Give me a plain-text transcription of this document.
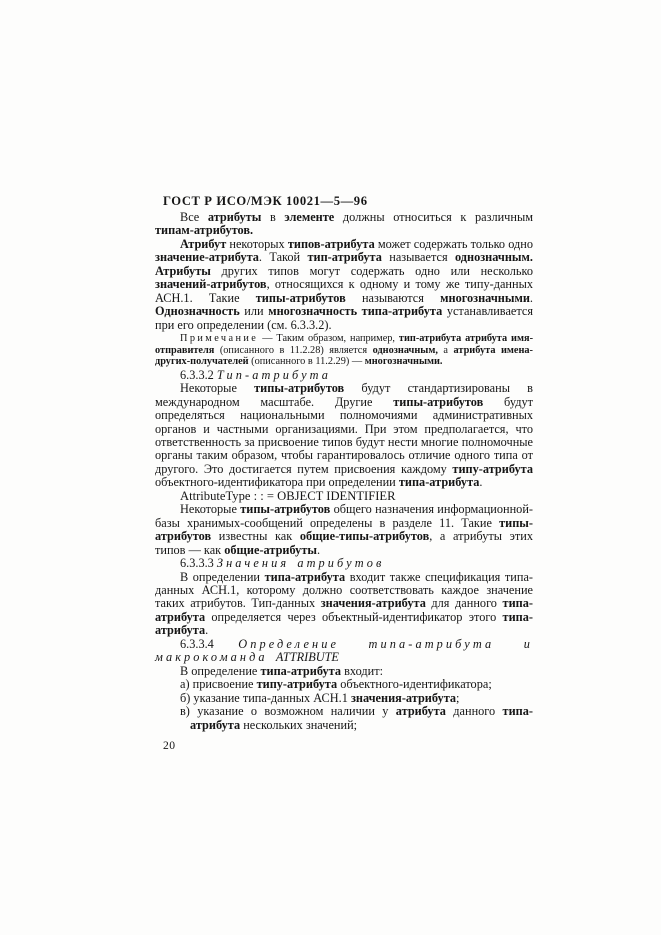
ГОСТ Р ИСО/МЭК 10021—5—96
Все атрибуты в элементе должны относиться к различным типам-атрибутов.
Атрибут некоторых типов-атрибута может содержать только одно значение-атрибута. Такой тип-атрибута называется однозначным. Атрибуты других типов могут содержать одно или несколько значений-атрибутов, относящихся к одному и тому же типу-данных АСН.1. Такие типы-атрибутов называются многозначными. Однозначность или многозначность типа-атрибута устанавливается при его определении (см. 6.3.3.2).
Примечание — Таким образом, например, тип-атрибута атрибута имя-отправителя (описанного в 11.2.28) является однозначным, а атрибута имена-других-получателей (описанного в 11.2.29) — многозначными.
6.3.3.2 Тип-атрибута
Некоторые типы-атрибутов будут стандартизированы в международном масштабе. Другие типы-атрибутов будут определяться национальными полномочиями административных органов и частными организациями. При этом предполагается, что ответственность за присвоение типов будут нести многие полномочные органы таким образом, чтобы гарантировалось отличие одного типа от другого. Это достигается путем присвоения каждому типу-атрибута объектного-идентификатора при определении типа-атрибута.
AttributeType : : = OBJECT IDENTIFIER
Некоторые типы-атрибутов общего назначения информационной-базы хранимых-сообщений определены в разделе 11. Такие типы-атрибутов известны как общие-типы-атрибутов, а атрибуты этих типов — как общие-атрибуты.
6.3.3.3 Значения атрибутов
В определении типа-атрибута входит также спецификация типа-данных АСН.1, которому должно соответствовать каждое значение таких атрибутов. Тип-данных значения-атрибута для данного типа-атрибута определяется через объектный-идентификатор этого типа-атрибута.
6.3.3.4 Определение типа-атрибута и макрокоманда ATTRIBUTE
В определение типа-атрибута входит:
а) присвоение типу-атрибута объектного-идентификатора;
б) указание типа-данных АСН.1 значения-атрибута;
в) указание о возможном наличии у атрибута данного типа-атрибута нескольких значений;
20
